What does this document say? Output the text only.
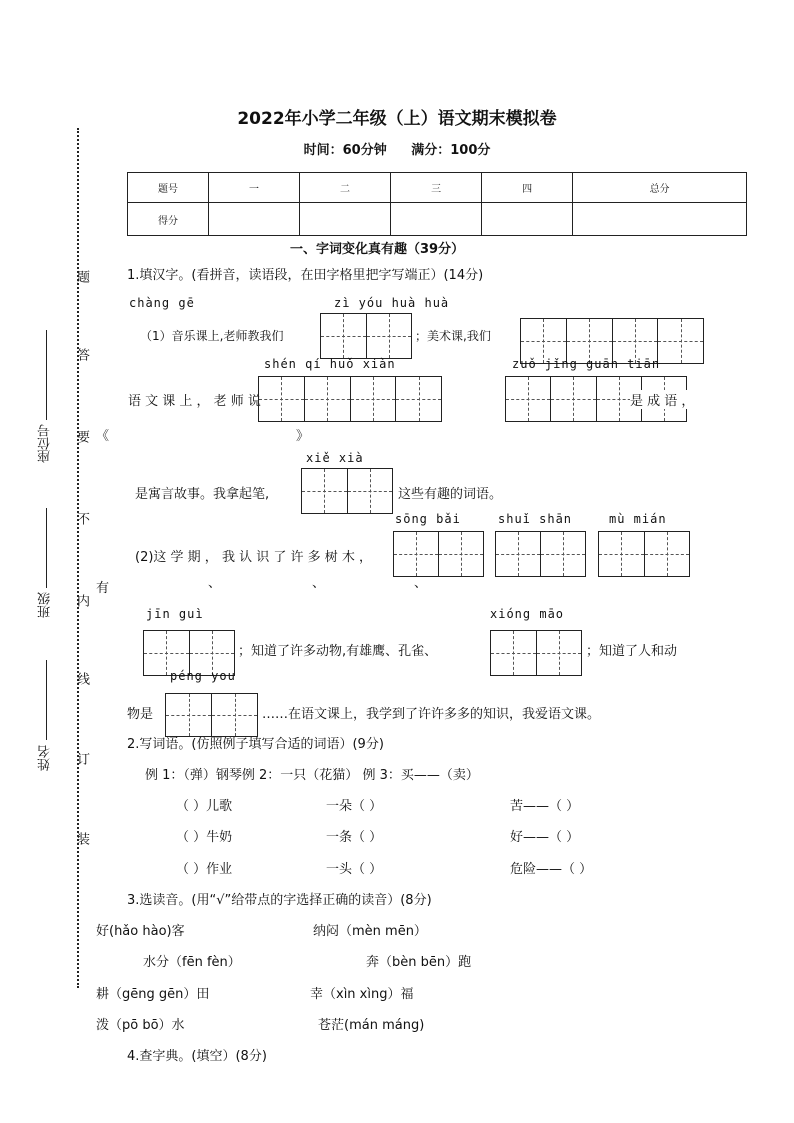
题
答
要
不
内
线
订
装
座位号
班级
姓名
《	》
2022年小学二年级（上）语文期末模拟卷
时间：60分钟 满分：100分
题号	一	二	三	四	总分
得分					
一、字词变化真有趣（39分）
1.填汉字。(看拼音，读语段，在田字格里把字写端正）(14分)
chàng gē	zì yóu huà huà
（1）音乐课上,老师教我们	；美术课,我们
shén qí huǒ xiàn	zuǒ jǐng guān tiān
语 文 课 上 ， 老 师 说	是 成 语 ，
xiě xià
是寓言故事。我拿起笔,	这些有趣的词语。
sōng bǎi	shuǐ shān	mù mián
(2)这 学 期 ， 我 认 识 了 许 多 树 木 ，
有	、	、	、
jīn guì	xióng māo
；知道了许多动物,有雄鹰、孔雀、	；知道了人和动
péng you
物是	……在语文课上，我学到了许许多多的知识，我爱语文课。
2.写词语。(仿照例子填写合适的词语）(9分)
例 1：（弹）钢琴例 2：一只（花猫） 例 3：买——（卖）
（ ）儿歌	一朵（ ）	苦——（ ）
（ ）牛奶	一条（ ）	好——（ ）
（ ）作业	一头（ ）	危险——（ ）
3.选读音。(用“√”给带点的字选择正确的读音）(8分)
好(hǎo hào)客	纳闷（mèn mēn）
水分（fēn fèn）	奔（bèn bēn）跑
耕（gēng gēn）田	幸（xìn xìng）福
泼（pō bō）水	苍茫(mán máng)
4.查字典。(填空）(8分)
